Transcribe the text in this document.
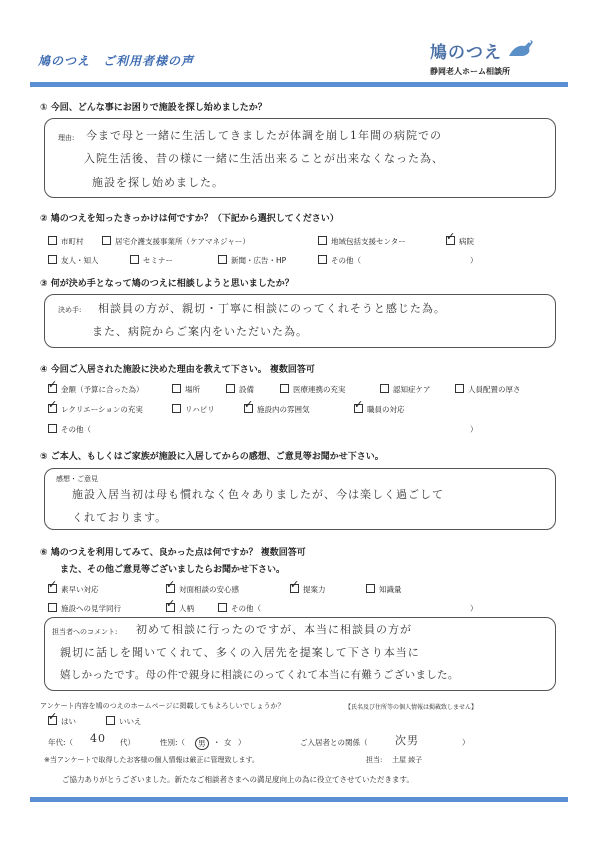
鳩のつえ　ご利用者様の声	鳩のつえ
静岡老人ホーム相談所
① 今回、どんな事にお困りで施設を探し始めましたか？
理由: 今まで母と一緒に生活してきましたが体調を崩し1年間の病院での
入院生活後、昔の様に一緒に生活出来ることが出来なくなった為、
施設を探し始めました。
② 鳩のつえを知ったきっかけは何ですか？（下記から選択してください）
市町村	居宅介護支援事業所（ケアマネジャー）	地域包括支援センター ✓	病院
友人・知人	セミナー	新聞・広告・HP	その他（	）
③ 何が決め手となって鳩のつえに相談しようと思いましたか？
決め手: 相談員の方が、親切・丁寧に相談にのってくれそうと感じた為。
また、病院からご案内をいただいた為。
④ 今回ご入居された施設に決めた理由を教えて下さい。 複数回答可
✓金額（予算に合った為）	場所	設備	医療連携の充実	認知症ケア	人員配置の厚さ
✓レクリエーションの充実	リハビリ ✓	施設内の雰囲気 ✓	職員の対応
その他（	）
⑤ ご本人、もしくはご家族が施設に入居してからの感想、ご意見等お聞かせ下さい。
感想・ご意見
施設入居当初は母も慣れなく色々ありましたが、今は楽しく過ごして
くれております。
⑥ 鳩のつえを利用してみて、良かった点は何ですか？ 複数回答可
また、その他ご意見等ございましたらお聞かせ下さい。
✓素早い対応 ✓	対面相談の安心感 ✓	提案力	知識量
施設への見学同行 ✓	人柄	その他（	）
担当者へのコメント: 初めて相談に行ったのですが、本当に相談員の方が
親切に話しを聞いてくれて、多くの入居先を提案して下さり本当に
嬉しかったです。母の件で親身に相談にのってくれて本当に有難うございました。
アンケート内容を鳩のつえのホームページに掲載してもよろしいでしょうか？	【氏名及び住所等の個人情報は掲載致しません】
✓はい	いいえ
年代:（ 40 代）	性別:（	男	・ 女 ）	ご入居者との関係（	次男	）
※当アンケートで取得したお客様の個人情報は厳正に管理致します。	担当: 土屋 綾子
ご協力ありがとうございました。新たなご相談者さまへの満足度向上の為に役立てさせていただきます。
